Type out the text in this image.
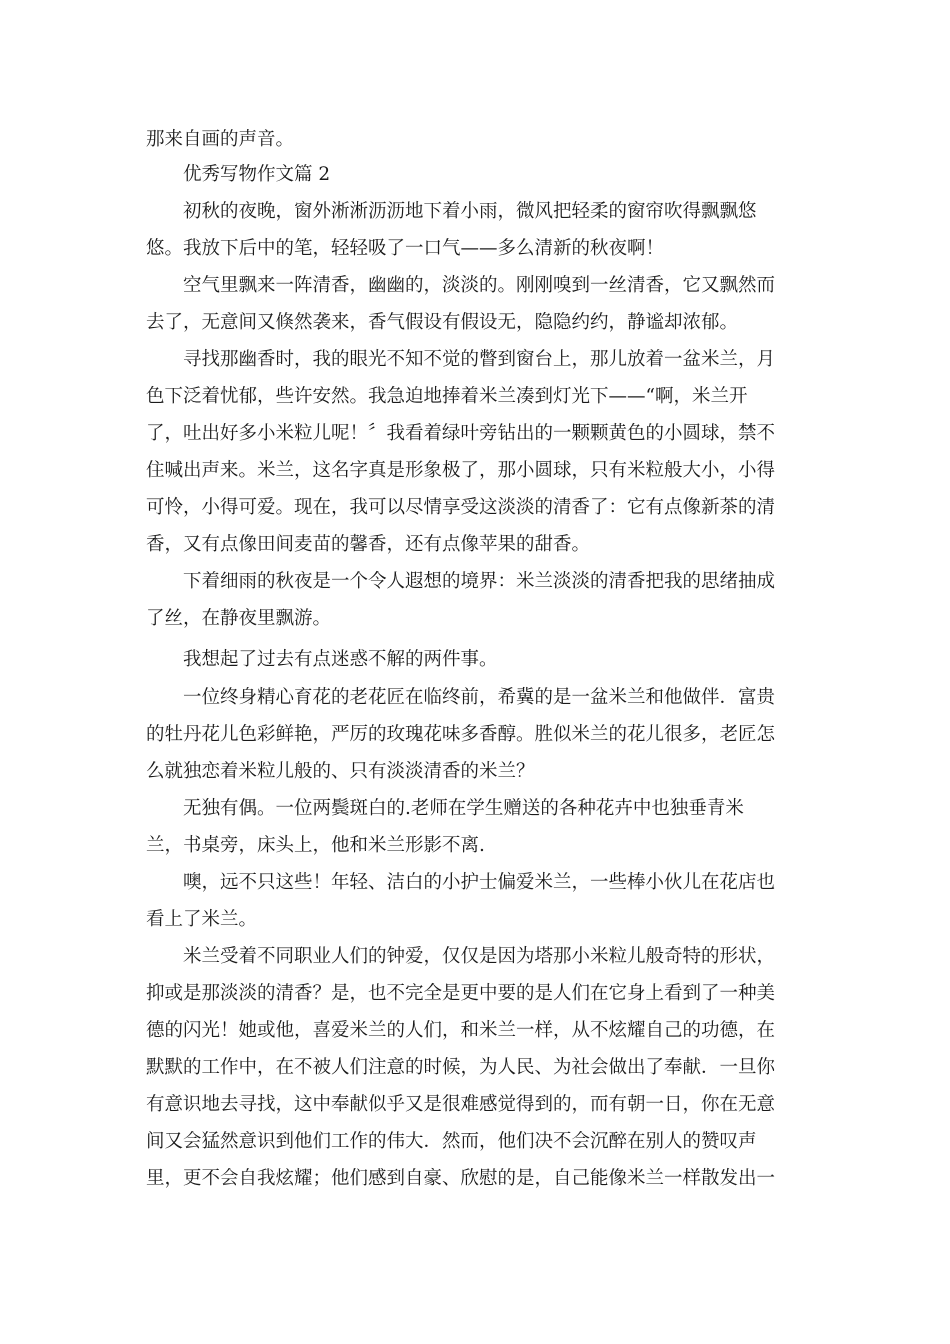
那来自画的声音。
　　优秀写物作文篇 2
　　初秋的夜晚，窗外淅淅沥沥地下着小雨，微风把轻柔的窗帘吹得飘飘悠
悠。我放下后中的笔，轻轻吸了一口气——多么清新的秋夜啊！
　　空气里飘来一阵清香，幽幽的，淡淡的。刚刚嗅到一丝清香，它又飘然而
去了，无意间又倏然袭来，香气假设有假设无，隐隐约约，静谧却浓郁。
　　寻找那幽香时，我的眼光不知不觉的瞥到窗台上，那儿放着一盆米兰，月
色下泛着忧郁，些许安然。我急迫地捧着米兰凑到灯光下——“啊，米兰开
了，吐出好多小米粒儿呢！〞我看着绿叶旁钻出的一颗颗黄色的小圆球，禁不
住喊出声来。米兰，这名字真是形象极了，那小圆球，只有米粒般大小，小得
可怜，小得可爱。现在，我可以尽情享受这淡淡的清香了：它有点像新茶的清
香，又有点像田间麦苗的馨香，还有点像苹果的甜香。
　　下着细雨的秋夜是一个令人遐想的境界：米兰淡淡的清香把我的思绪抽成
了丝，在静夜里飘游。
　　我想起了过去有点迷惑不解的两件事。
　　一位终身精心育花的老花匠在临终前，希冀的是一盆米兰和他做伴．富贵
的牡丹花儿色彩鲜艳，严厉的玫瑰花味多香醇。胜似米兰的花儿很多，老匠怎
么就独恋着米粒儿般的、只有淡淡清香的米兰？
　　无独有偶。一位两鬓斑白的.老师在学生赠送的各种花卉中也独垂青米
兰，书桌旁，床头上，他和米兰形影不离.
　　噢，远不只这些！年轻、洁白的小护士偏爱米兰，一些棒小伙儿在花店也
看上了米兰。
　　米兰受着不同职业人们的钟爱，仅仅是因为塔那小米粒儿般奇特的形状，
抑或是那淡淡的清香？是，也不完全是更中要的是人们在它身上看到了一种美
德的闪光！她或他，喜爱米兰的人们，和米兰一样，从不炫耀自己的功德，在
默默的工作中，在不被人们注意的时候，为人民、为社会做出了奉献．一旦你
有意识地去寻找，这中奉献似乎又是很难感觉得到的，而有朝一日，你在无意
间又会猛然意识到他们工作的伟大．然而，他们决不会沉醉在别人的赞叹声
里，更不会自我炫耀；他们感到自豪、欣慰的是，自己能像米兰一样散发出一
